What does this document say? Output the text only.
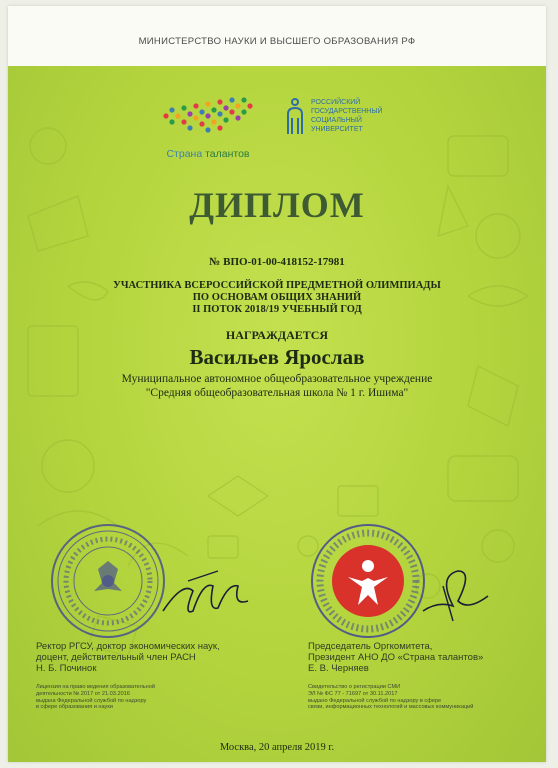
МИНИСТЕРСТВО НАУКИ И ВЫСШЕГО ОБРАЗОВАНИЯ РФ
Страна талантов
РОССИЙСКИЙ
ГОСУДАРСТВЕННЫЙ
СОЦИАЛЬНЫЙ
УНИВЕРСИТЕТ
ДИПЛОМ
№ ВПО-01-00-418152-17981
УЧАСТНИКА ВСЕРОССИЙСКОЙ ПРЕДМЕТНОЙ ОЛИМПИАДЫ
ПО ОСНОВАМ ОБЩИХ ЗНАНИЙ
II ПОТОК 2018/19 УЧЕБНЫЙ ГОД
НАГРАЖДАЕТСЯ
Васильев Ярослав
Муниципальное автономное общеобразовательное учреждение
"Средняя общеобразовательная школа № 1 г. Ишима"
Ректор РГСУ, доктор экономических наук,
доцент, действительный член РАСН
Н. Б. Починок
Лицензия на право ведения образовательной
деятельности № 2017 от 21.03.2016
выдана Федеральной службой по надзору
в сфере образования и науки
Председатель Оргкомитета,
Президент АНО ДО «Страна талантов»
Е. В. Черняев
Свидетельство о регистрации СМИ
ЭЛ № ФС 77 - 71697 от 30.11.2017
выдано Федеральной службой по надзору в сфере
связи, информационных технологий и массовых коммуникаций
Москва, 20 апреля 2019 г.
